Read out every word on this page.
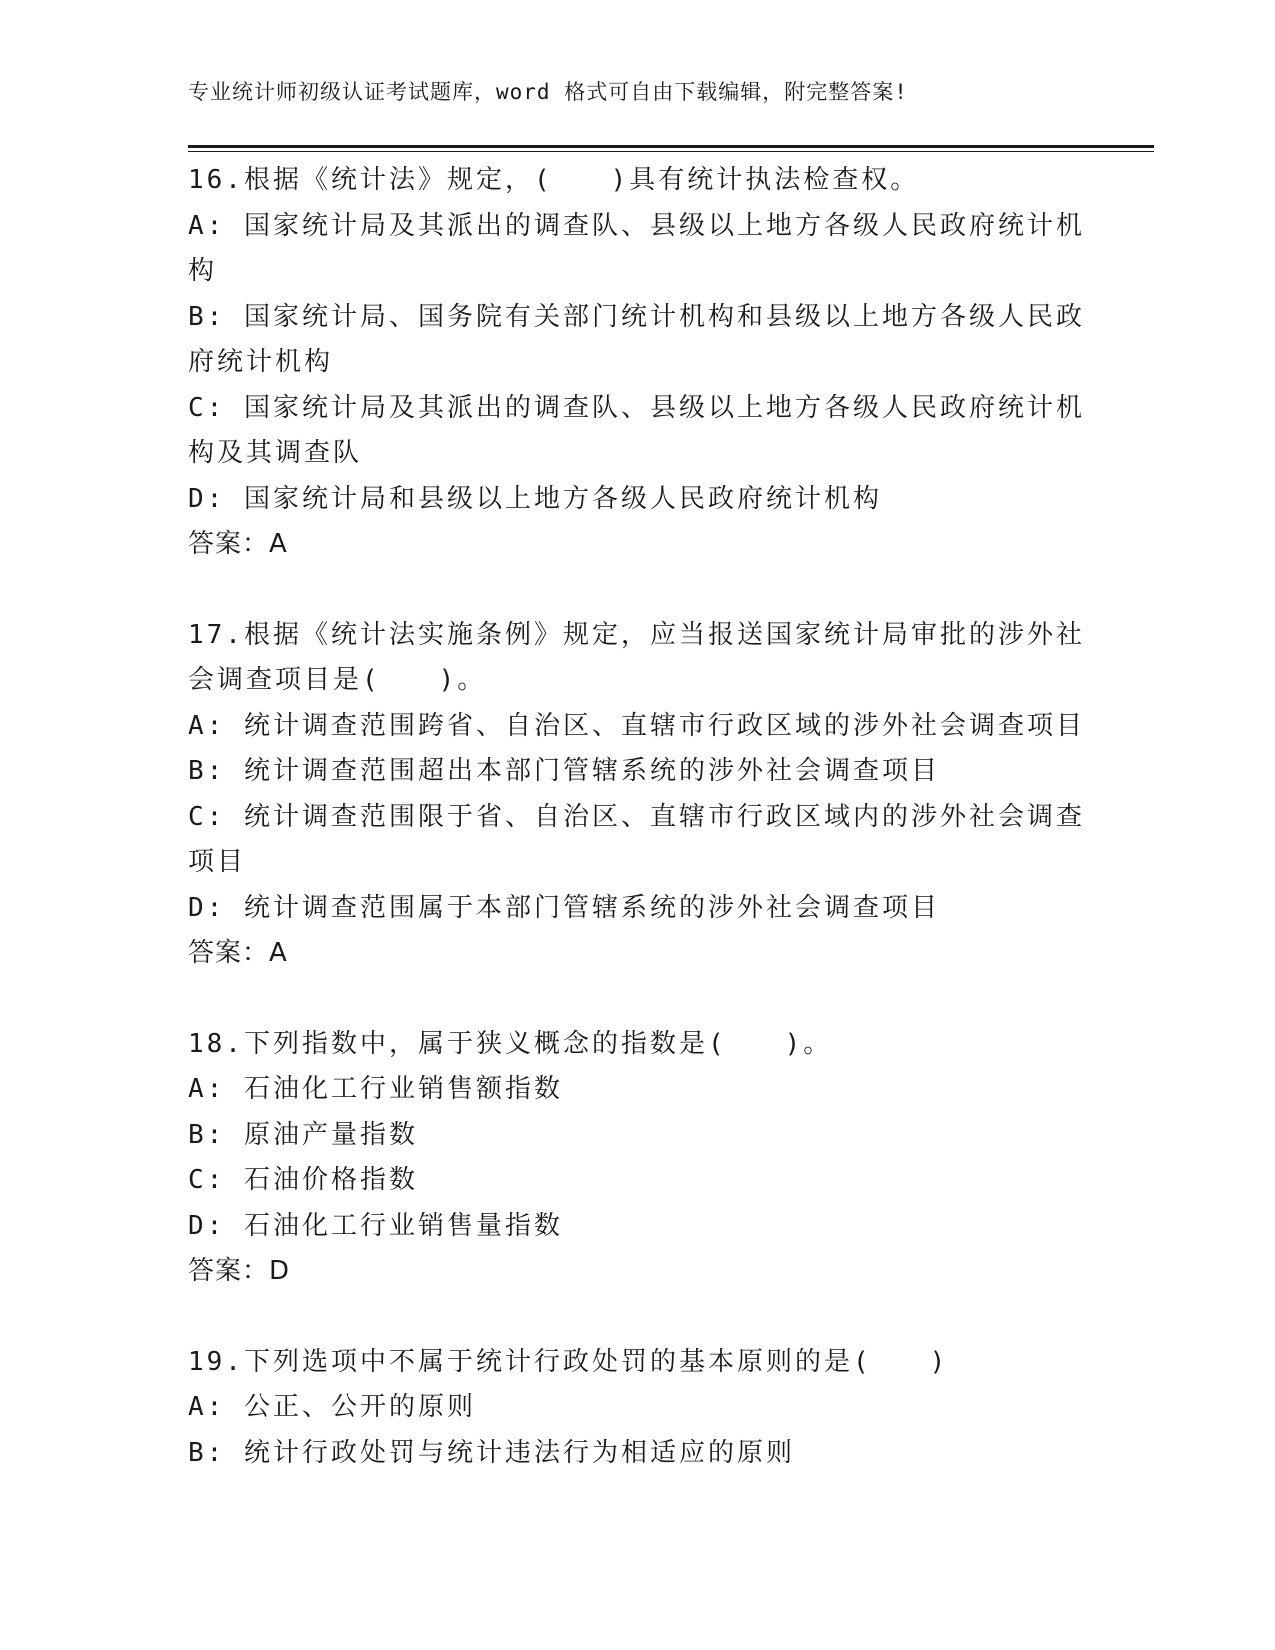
专业统计师初级认证考试题库，word 格式可自由下载编辑，附完整答案!
16.根据《统计法》规定，(　　)具有统计执法检查权。
A: 国家统计局及其派出的调查队、县级以上地方各级人民政府统计机
构
B: 国家统计局、国务院有关部门统计机构和县级以上地方各级人民政
府统计机构
C: 国家统计局及其派出的调查队、县级以上地方各级人民政府统计机
构及其调查队
D: 国家统计局和县级以上地方各级人民政府统计机构
答案：A
17.根据《统计法实施条例》规定，应当报送国家统计局审批的涉外社
会调查项目是(　　)。
A: 统计调查范围跨省、自治区、直辖市行政区域的涉外社会调查项目
B: 统计调查范围超出本部门管辖系统的涉外社会调查项目
C: 统计调查范围限于省、自治区、直辖市行政区域内的涉外社会调查
项目
D: 统计调查范围属于本部门管辖系统的涉外社会调查项目
答案：A
18.下列指数中，属于狭义概念的指数是(　　)。
A: 石油化工行业销售额指数
B: 原油产量指数
C: 石油价格指数
D: 石油化工行业销售量指数
答案：D
19.下列选项中不属于统计行政处罚的基本原则的是(　　)
A: 公正、公开的原则
B: 统计行政处罚与统计违法行为相适应的原则
